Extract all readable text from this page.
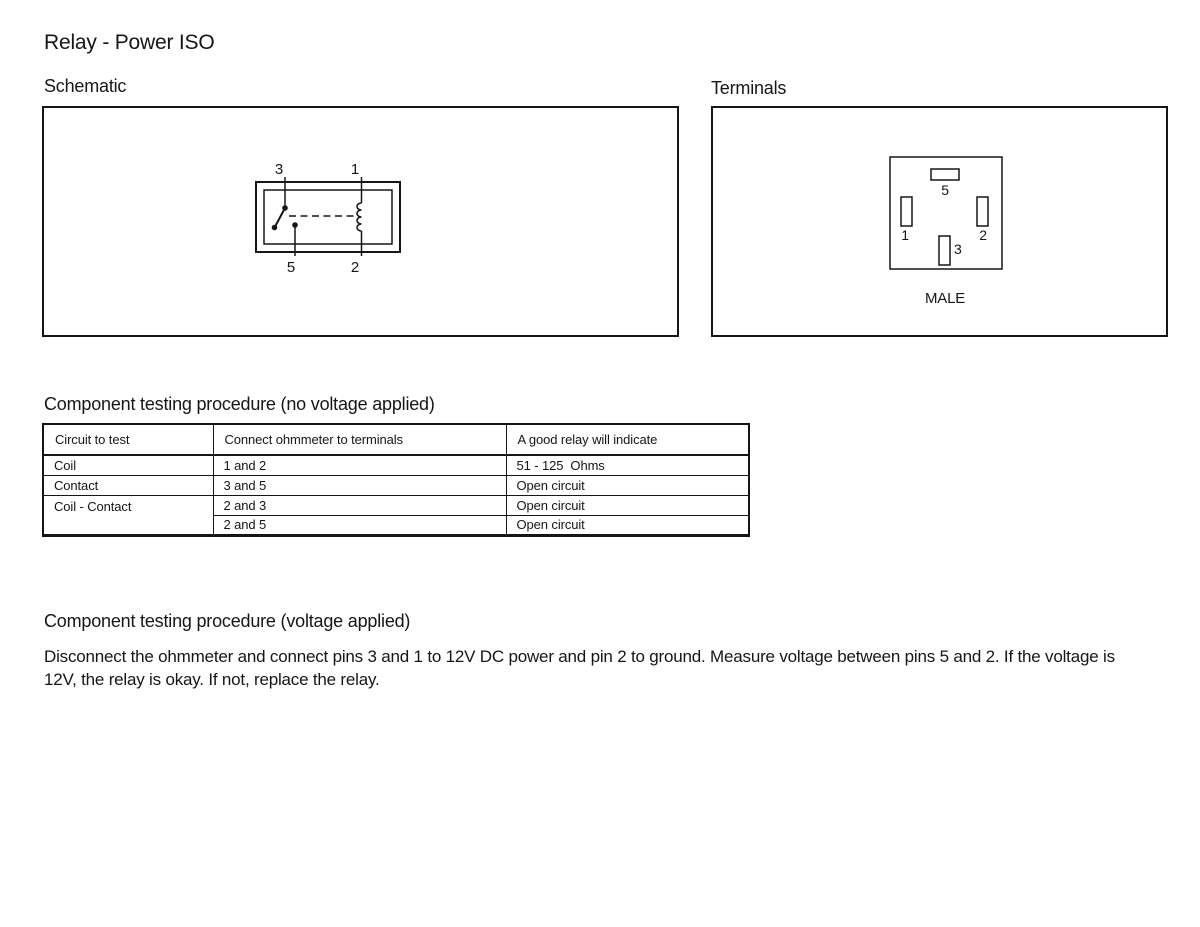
Relay - Power ISO
Schematic	Terminals
3	1
5	2
5
1	2
3
MALE
Component testing procedure (no voltage applied)
Circuit to test	Connect ohmmeter to terminals	A good relay will indicate
Coil	1 and 2	51 - 125  Ohms
Contact	3 and 5	Open circuit
Coil - Contact	2 and 3	Open circuit
	2 and 5	Open circuit
Component testing procedure (voltage applied)
Disconnect the ohmmeter and connect pins 3 and 1 to 12V DC power and pin 2 to ground. Measure voltage between pins 5 and 2. If the voltage is 12V, the relay is okay. If not, replace the relay.
